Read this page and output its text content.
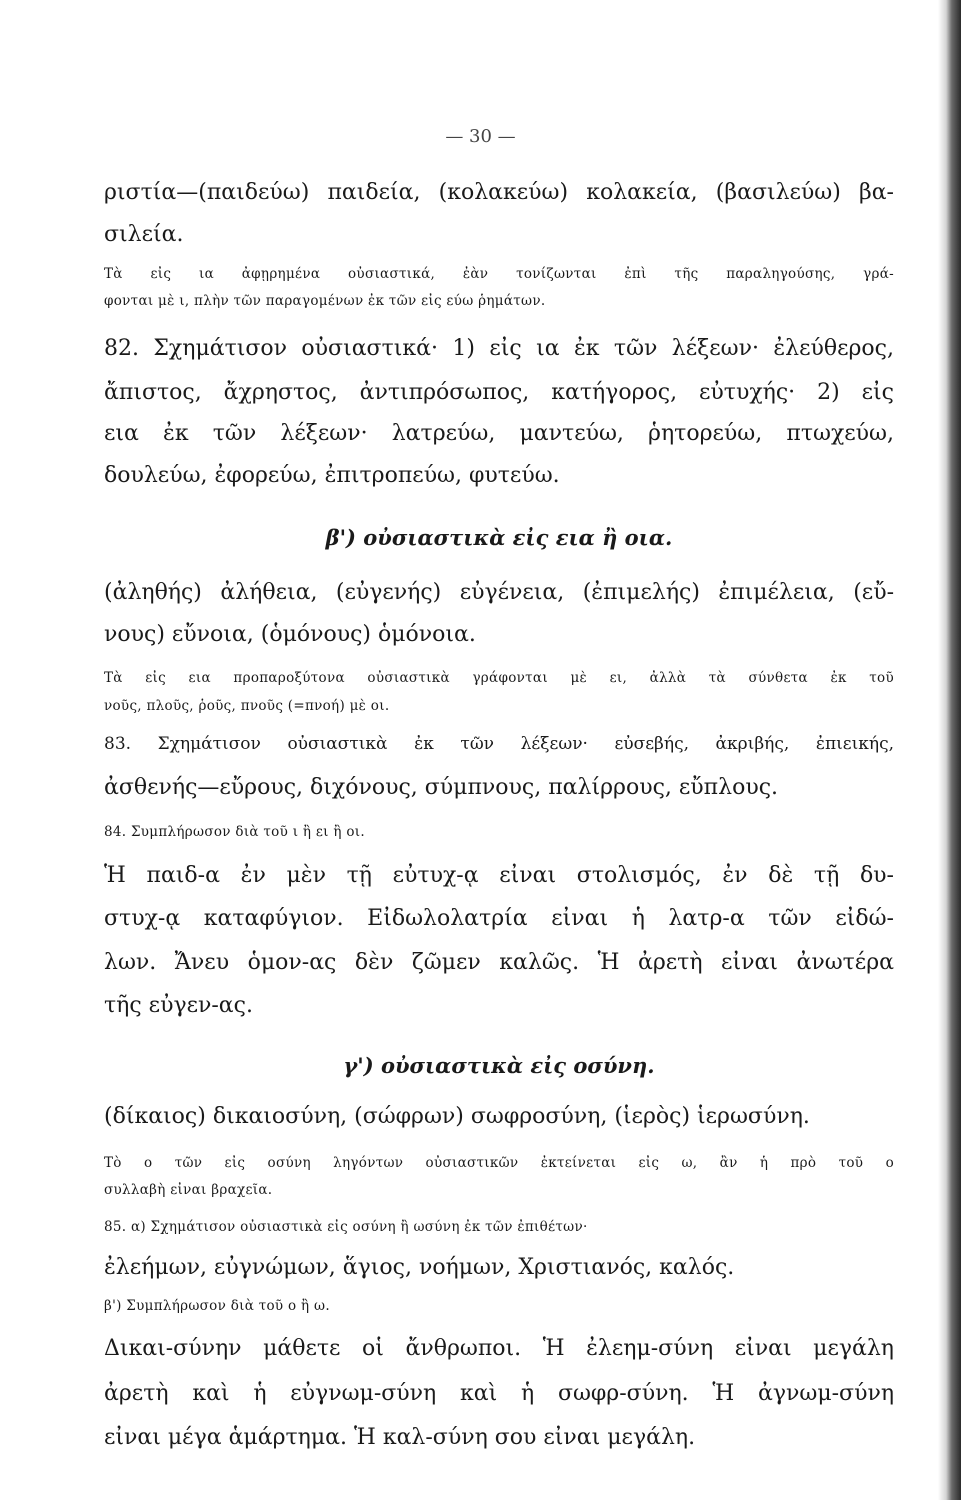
— 30 —
ριστία—(παιδεύω) παιδεία, (κολακεύω) κολακεία, (βασιλεύω) βα-
σιλεία.
Τὰ εἰς ια ἀφῃρημένα οὐσιαστικά, ἐὰν τονίζωνται ἐπὶ τῆς παραληγούσης, γρά-
φονται μὲ ι, πλὴν τῶν παραγομένων ἐκ τῶν εἰς εύω ῥημάτων.
82. Σχημάτισον οὐσιαστικά· 1) εἰς ια ἐκ τῶν λέξεων· ἐλεύθερος,
ἄπιστος, ἄχρηστος, ἀντιπρόσωπος, κατήγορος, εὐτυχής· 2) εἰς
εια ἐκ τῶν λέξεων· λατρεύω, μαντεύω, ῥητορεύω, πτωχεύω,
δουλεύω, ἐφορεύω, ἐπιτροπεύω, φυτεύω.
β') οὐσιαστικὰ εἰς εια ἢ οια.
(ἀληθής) ἀλήθεια, (εὐγενής) εὐγένεια, (ἐπιμελής) ἐπιμέλεια, (εὔ-
νους) εὔνοια, (ὁμόνους) ὁμόνοια.
Τὰ εἰς εια προπαροξύτονα οὐσιαστικὰ γράφονται μὲ ει, ἀλλὰ τὰ σύνθετα ἐκ τοῦ
νοῦς, πλοῦς, ῥοῦς, πνοῦς (=πνοή) μὲ οι.
83. Σχημάτισον οὐσιαστικὰ ἐκ τῶν λέξεων· εὐσεβής, ἀκριβής, ἐπιεικής,
ἀσθενής—εὔρους, διχόνους, σύμπνους, παλίρρους, εὔπλους.
84. Συμπλήρωσον διὰ τοῦ ι ἢ ει ἢ οι.
Ἡ παιδ-α ἐν μὲν τῇ εὐτυχ-ᾳ εἶναι στολισμός, ἐν δὲ τῇ δυ-
στυχ-ᾳ καταφύγιον. Εἰδωλολατρία εἶναι ἡ λατρ-α τῶν εἰδώ-
λων. Ἄνευ ὁμον-ας δὲν ζῶμεν καλῶς. Ἡ ἀρετὴ εἶναι ἀνωτέρα
τῆς εὐγεν-ας.
γ') οὐσιαστικὰ εἰς οσύνη.
(δίκαιος) δικαιοσύνη, (σώφρων) σωφροσύνη, (ἱερὸς) ἱερωσύνη.
Τὸ ο τῶν εἰς οσύνη ληγόντων οὐσιαστικῶν ἐκτείνεται εἰς ω, ἂν ἡ πρὸ τοῦ ο
συλλαβὴ εἶναι βραχεῖα.
85. α) Σχημάτισον οὐσιαστικὰ εἰς οσύνη ἢ ωσύνη ἐκ τῶν ἐπιθέτων·
ἐλεήμων, εὐγνώμων, ἅγιος, νοήμων, Χριστιανός, καλός.
β') Συμπλήρωσον διὰ τοῦ ο ἢ ω.
Δικαι-σύνην μάθετε οἱ ἄνθρωποι. Ἡ ἐλεημ-σύνη εἶναι μεγάλη
ἀρετὴ καὶ ἡ εὐγνωμ-σύνη καὶ ἡ σωφρ-σύνη. Ἡ ἀγνωμ-σύνη
εἶναι μέγα ἁμάρτημα. Ἡ καλ-σύνη σου εἶναι μεγάλη.
